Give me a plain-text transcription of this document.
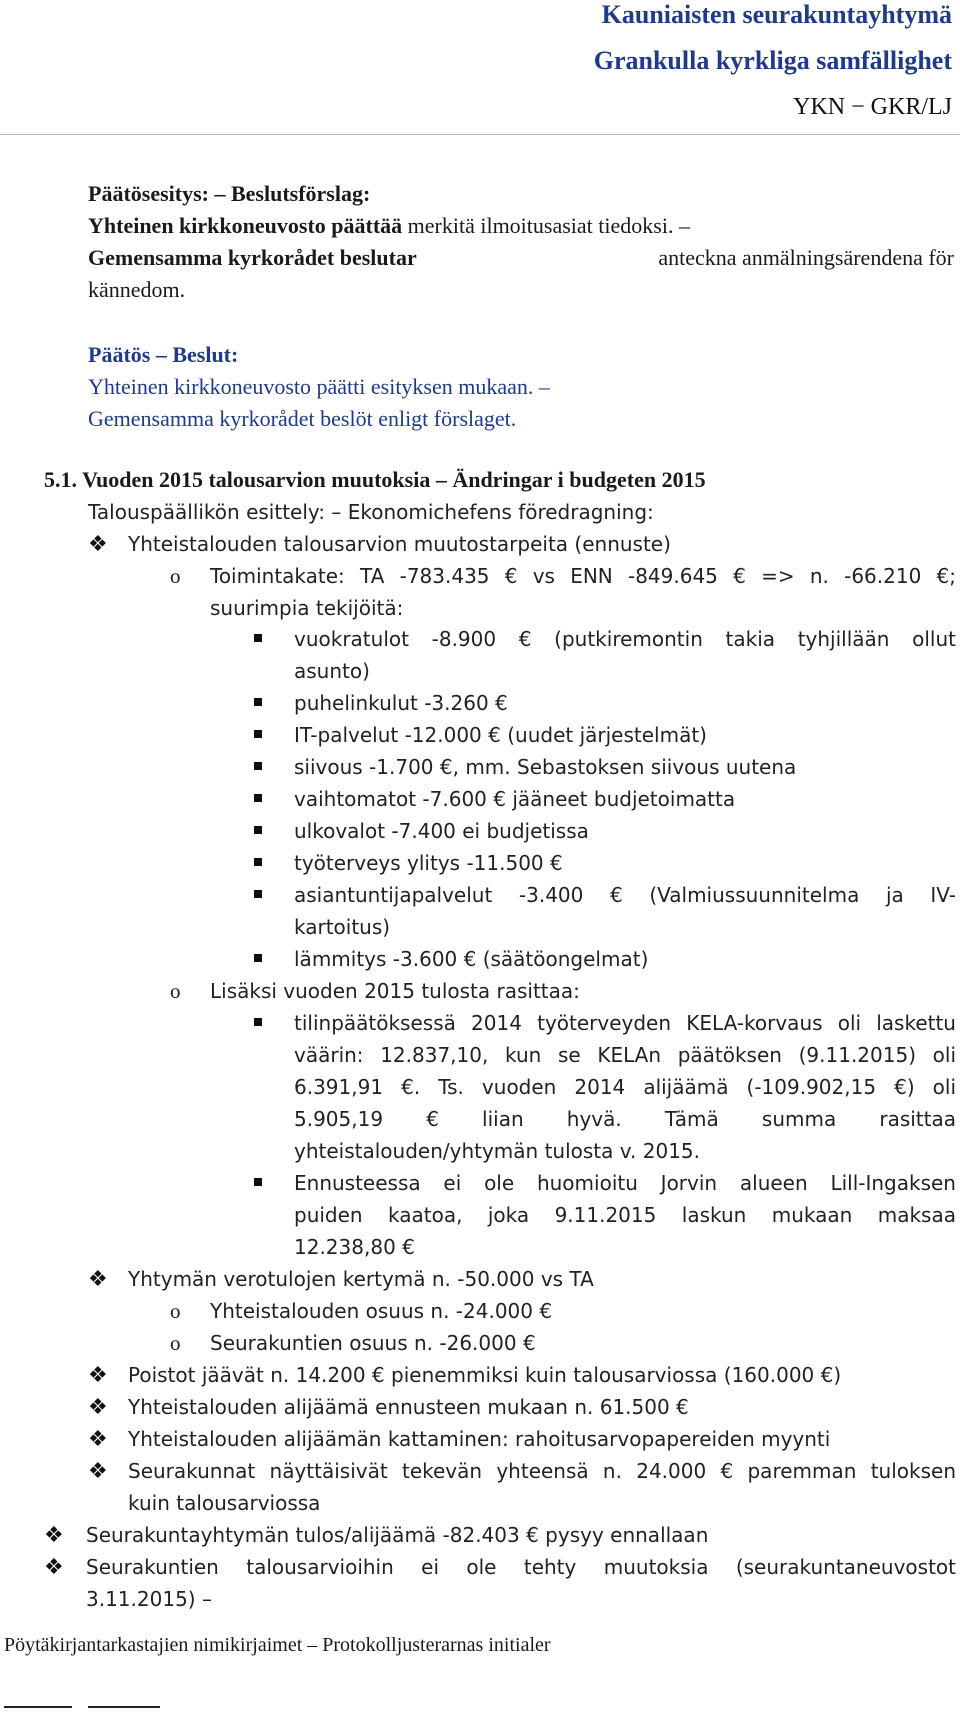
Kauniaisten seurakuntayhtymä
Grankulla kyrkliga samfällighet
YKN − GKR/LJ
Päätösesitys: – Beslutsförslag:
Yhteinen kirkkoneuvosto päättää merkitä ilmoitusasiat tiedoksi. –
Gemensamma kyrkorådet beslutar	anteckna anmälningsärendena för
kännedom.
Päätös – Beslut:
Yhteinen kirkkoneuvosto päätti esityksen mukaan. –
Gemensamma kyrkorådet beslöt enligt förslaget.
5.1. Vuoden 2015 talousarvion muutoksia – Ändringar i budgeten 2015
Talouspäällikön esittely: – Ekonomichefens föredragning:
❖ Yhteistalouden talousarvion muutostarpeita (ennuste)
o Toimintakate: TA -783.435 € vs ENN -849.645 € => n. -66.210 €;
suurimpia tekijöitä:
vuokratulot -8.900 € (putkiremontin takia tyhjillään ollut
asunto)
puhelinkulut -3.260 €
IT-palvelut -12.000 € (uudet järjestelmät)
siivous -1.700 €, mm. Sebastoksen siivous uutena
vaihtomatot -7.600 € jääneet budjetoimatta
ulkovalot -7.400 ei budjetissa
työterveys ylitys -11.500 €
asiantuntijapalvelut -3.400 € (Valmiussuunnitelma ja IV-
kartoitus)
lämmitys -3.600 € (säätöongelmat)
o Lisäksi vuoden 2015 tulosta rasittaa:
tilinpäätöksessä 2014 työterveyden KELA-korvaus oli laskettu
väärin: 12.837,10, kun se KELAn päätöksen (9.11.2015) oli
6.391,91 €. Ts. vuoden 2014 alijäämä (-109.902,15 €) oli
5.905,19 € liian hyvä. Tämä summa rasittaa
yhteistalouden/yhtymän tulosta v. 2015.
Ennusteessa ei ole huomioitu Jorvin alueen Lill-Ingaksen
puiden kaatoa, joka 9.11.2015 laskun mukaan maksaa
12.238,80 €
❖ Yhtymän verotulojen kertymä n. -50.000 vs TA
o Yhteistalouden osuus n. -24.000 €
o Seurakuntien osuus n. -26.000 €
❖ Poistot jäävät n. 14.200 € pienemmiksi kuin talousarviossa (160.000 €)
❖ Yhteistalouden alijäämä ennusteen mukaan n. 61.500 €
❖ Yhteistalouden alijäämän kattaminen: rahoitusarvopapereiden myynti
❖ Seurakunnat näyttäisivät tekevän yhteensä n. 24.000 € paremman tuloksen
kuin talousarviossa
❖ Seurakuntayhtymän tulos/alijäämä -82.403 € pysyy ennallaan
❖ Seurakuntien talousarvioihin ei ole tehty muutoksia (seurakuntaneuvostot
3.11.2015) –
Pöytäkirjantarkastajien nimikirjaimet – Protokolljusterarnas initialer
